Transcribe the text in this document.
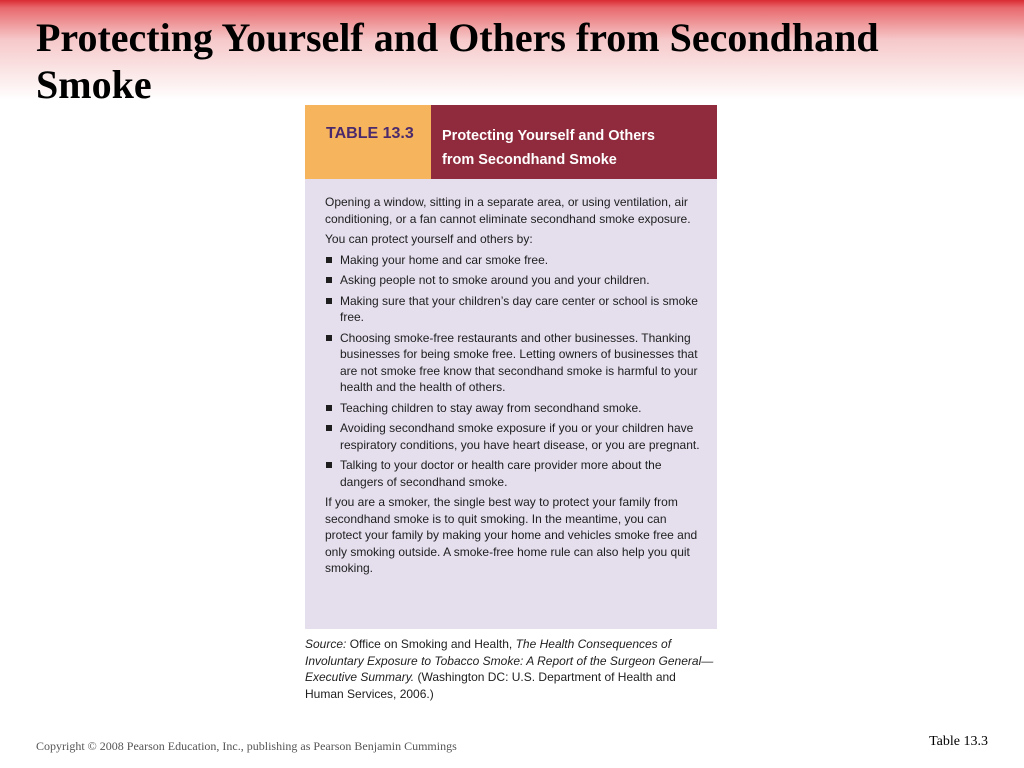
Protecting Yourself and Others from Secondhand Smoke
TABLE 13.3	Protecting Yourself and Others
from Secondhand Smoke

Opening a window, sitting in a separate area, or using ventilation, air conditioning, or a fan cannot eliminate secondhand smoke exposure.

You can protect yourself and others by:

Making your home and car smoke free.
Asking people not to smoke around you and your children.
Making sure that your children’s day care center or school is smoke free.
Choosing smoke-free restaurants and other businesses. Thanking businesses for being smoke free. Letting owners of businesses that are not smoke free know that secondhand smoke is harmful to your health and the health of others.
Teaching children to stay away from secondhand smoke.
Avoiding secondhand smoke exposure if you or your children have respiratory conditions, you have heart disease, or you are pregnant.
Talking to your doctor or health care provider more about the dangers of secondhand smoke.

If you are a smoker, the single best way to protect your family from secondhand smoke is to quit smoking. In the meantime, you can protect your family by making your home and vehicles smoke free and only smoking outside. A smoke-free home rule can also help you quit smoking.

Source: Office on Smoking and Health, The Health Consequences of Involuntary Exposure to Tobacco Smoke: A Report of the Surgeon General—Executive Summary. (Washington DC: U.S. Department of Health and Human Services, 2006.)

Copyright © 2008 Pearson Education, Inc., publishing as Pearson Benjamin Cummings	Table 13.3
